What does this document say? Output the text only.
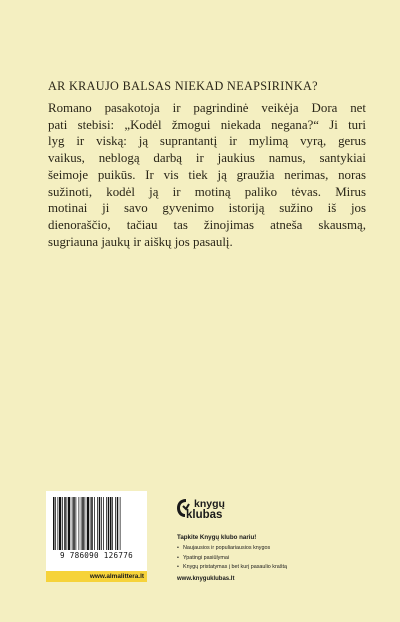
AR KRAUJO BALSAS NIEKAD NEAPSIRINKA?
Romano pasakotoja ir pagrindinė veikėja Dora net
pati stebisi: „Kodėl žmogui niekada negana?“ Ji turi
lyg ir viską: ją suprantantį ir mylimą vyrą, gerus
vaikus, neblogą darbą ir jaukius namus, santykiai
šeimoje puikūs. Ir vis tiek ją graužia nerimas, noras
sužinoti, kodėl ją ir motiną paliko tėvas. Mirus
motinai ji savo gyvenimo istoriją sužino iš jos
dienoraščio, tačiau tas žinojimas atneša skausmą,
sugriauna jaukų ir aiškų jos pasaulį.
9 786090 126776
www.almalittera.lt
knygų
klubas
Tapkite Knygų klubo nariu!
• Naujausios ir populiariausios knygos
• Ypatingi pasiūlymai
• Knygų pristatymas į bet kurį pasaulio kraštą
www.knyguklubas.lt
